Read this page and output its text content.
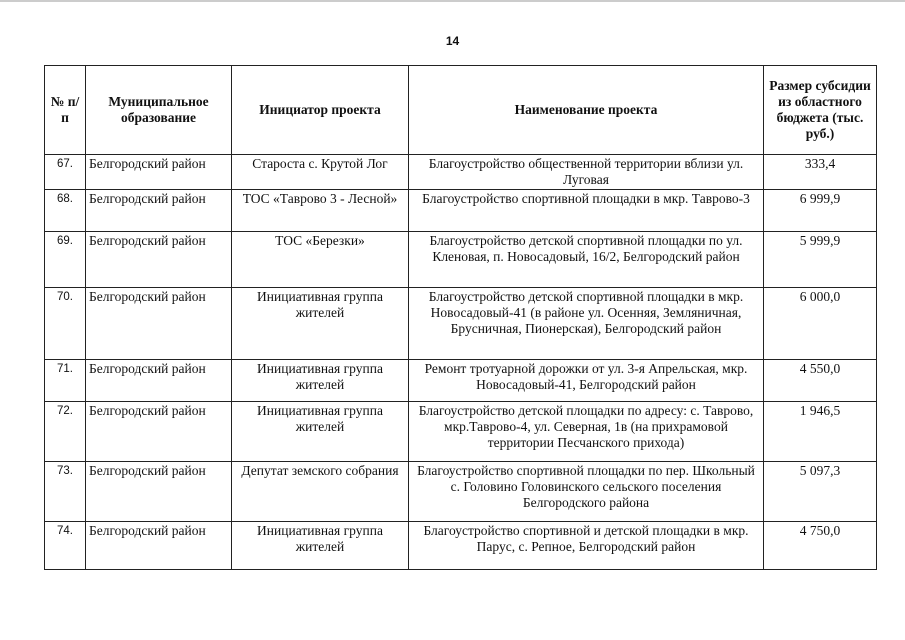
14
№ п/п	Муниципальное образование	Инициатор проекта	Наименование проекта	Размер субсидии из областного бюджета (тыс. руб.)
67.	Белгородский район	Староста с. Крутой Лог	Благоустройство общественной территории вблизи ул. Луговая	333,4
68.	Белгородский район	ТОС «Таврово 3 - Лесной»	Благоустройство спортивной площадки в мкр. Таврово-3	6 999,9
69.	Белгородский район	ТОС «Березки»	Благоустройство детской спортивной площадки по ул. Кленовая, п. Новосадовый, 16/2, Белгородский район	5 999,9
70.	Белгородский район	Инициативная группа жителей	Благоустройство детской спортивной площадки в мкр. Новосадовый-41 (в районе ул. Осенняя, Земляничная, Брусничная, Пионерская), Белгородский район	6 000,0
71.	Белгородский район	Инициативная группа жителей	Ремонт тротуарной дорожки от ул. 3-я Апрельская, мкр. Новосадовый-41, Белгородский район	4 550,0
72.	Белгородский район	Инициативная группа жителей	Благоустройство детской площадки по адресу: с. Таврово, мкр.Таврово-4, ул. Северная, 1в (на прихрамовой территории Песчанского прихода)	1 946,5
73.	Белгородский район	Депутат земского собрания	Благоустройство спортивной площадки по пер. Школьный с. Головино Головинского сельского поселения Белгородского района	5 097,3
74.	Белгородский район	Инициативная группа жителей	Благоустройство спортивной и детской площадки в мкр. Парус, с. Репное, Белгородский район	4 750,0
